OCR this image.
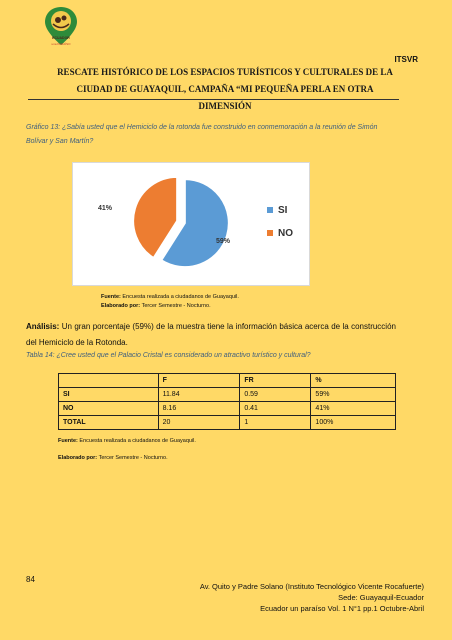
ECUADOR
una PARAÍSO
ITSVR
RESCATE HISTÓRICO DE LOS ESPACIOS TURÍSTICOS Y CULTURALES DE LA
CIUDAD DE GUAYAQUIL, CAMPAÑA “MI PEQUEÑA PERLA EN OTRA DIMENSIÓN
Gráfico 13: ¿Sabía usted que el Hemiciclo de la rotonda fue construido en conmemoración a la reunión de Simón Bolívar y San Martín?
59%
41%	SI
NO
Fuente: Encuesta realizada a ciudadanos de Guayaquil.
Elaborado por: Tercer Semestre - Nocturno.
Análisis: Un gran porcentaje (59%) de la muestra tiene la información básica acerca de la construcción del Hemiciclo de la Rotonda.
Tabla 14: ¿Cree usted que el Palacio Cristal es considerado un atractivo turístico y cultural?
	F	FR	%
SI	11.84	0.59	59%
NO	8.16	0.41	41%
TOTAL	20	1	100%
Fuente: Encuesta realizada a ciudadanos de Guayaquil.
Elaborado por: Tercer Semestre - Nocturno.
84
Av. Quito y Padre Solano (Instituto Tecnológico Vicente Rocafuerte)
Sede: Guayaquil-Ecuador
Ecuador un paraíso Vol. 1 N°1 pp.1 Octubre-Abril
